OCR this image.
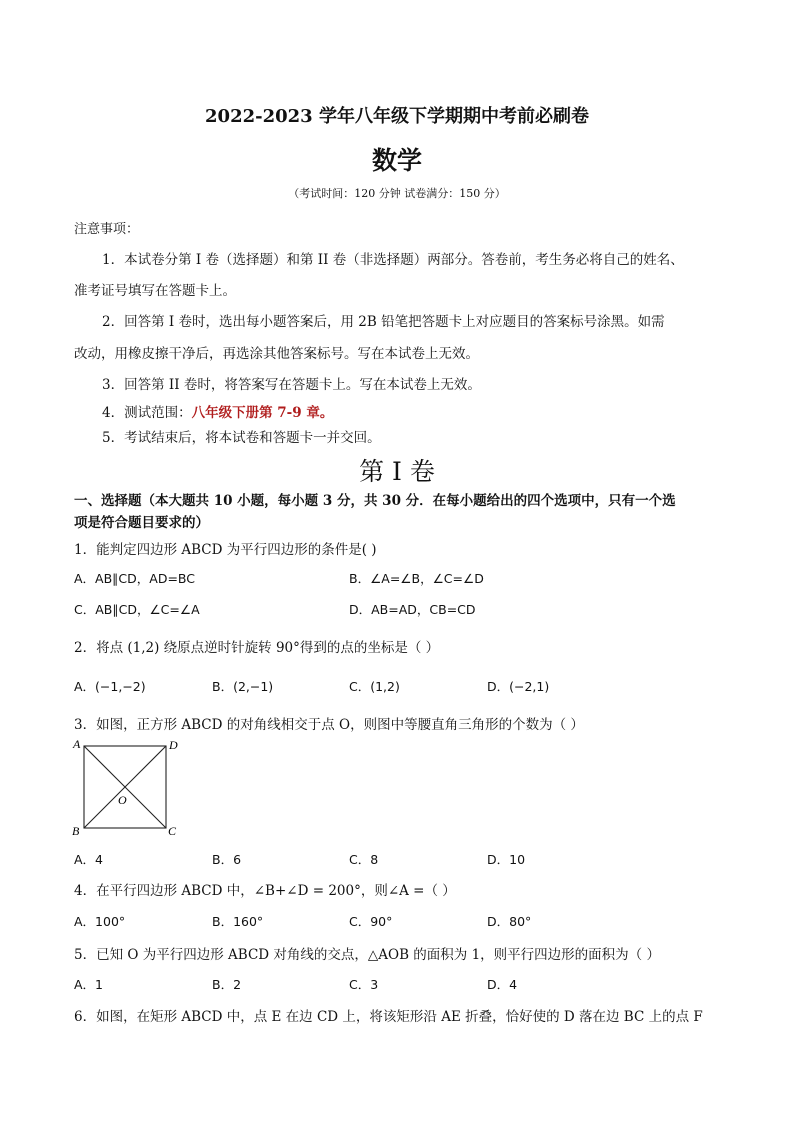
2022-2023 学年八年级下学期期中考前必刷卷
数学
（考试时间：120 分钟 试卷满分：150 分）
注意事项：
1．本试卷分第 I 卷（选择题）和第 II 卷（非选择题）两部分。答卷前，考生务必将自己的姓名、
准考证号填写在答题卡上。
2．回答第 I 卷时，选出每小题答案后，用 2B 铅笔把答题卡上对应题目的答案标号涂黑。如需
改动，用橡皮擦干净后，再选涂其他答案标号。写在本试卷上无效。
3．回答第 II 卷时，将答案写在答题卡上。写在本试卷上无效。
4．测试范围：八年级下册第 7-9 章。
5．考试结束后，将本试卷和答题卡一并交回。
第 I 卷
一、选择题（本大题共 10 小题，每小题 3 分，共 30 分．在每小题给出的四个选项中，只有一个选
项是符合题目要求的）
1．能判定四边形 ABCD 为平行四边形的条件是( )
A．AB∥CD，AD=BC	B．∠A=∠B，∠C=∠D
C．AB∥CD，∠C=∠A	D．AB=AD，CB=CD
2．将点 (1,2) 绕原点逆时针旋转 90°得到的点的坐标是（ ）
A．(−1,−2)	B．(2,−1)	C．(1,2)	D．(−2,1)
3．如图，正方形 ABCD 的对角线相交于点 O，则图中等腰直角三角形的个数为（ ）
A	D
O
B	C
A．4	B．6	C．8	D．10
4．在平行四边形 ABCD 中，∠B+∠D = 200°，则∠A =（ ）
A．100°	B．160°	C．90°	D．80°
5．已知 O 为平行四边形 ABCD 对角线的交点，△AOB 的面积为 1，则平行四边形的面积为（ ）
A．1	B．2	C．3	D．4
6．如图，在矩形 ABCD 中，点 E 在边 CD 上，将该矩形沿 AE 折叠，恰好使的 D 落在边 BC 上的点 F
